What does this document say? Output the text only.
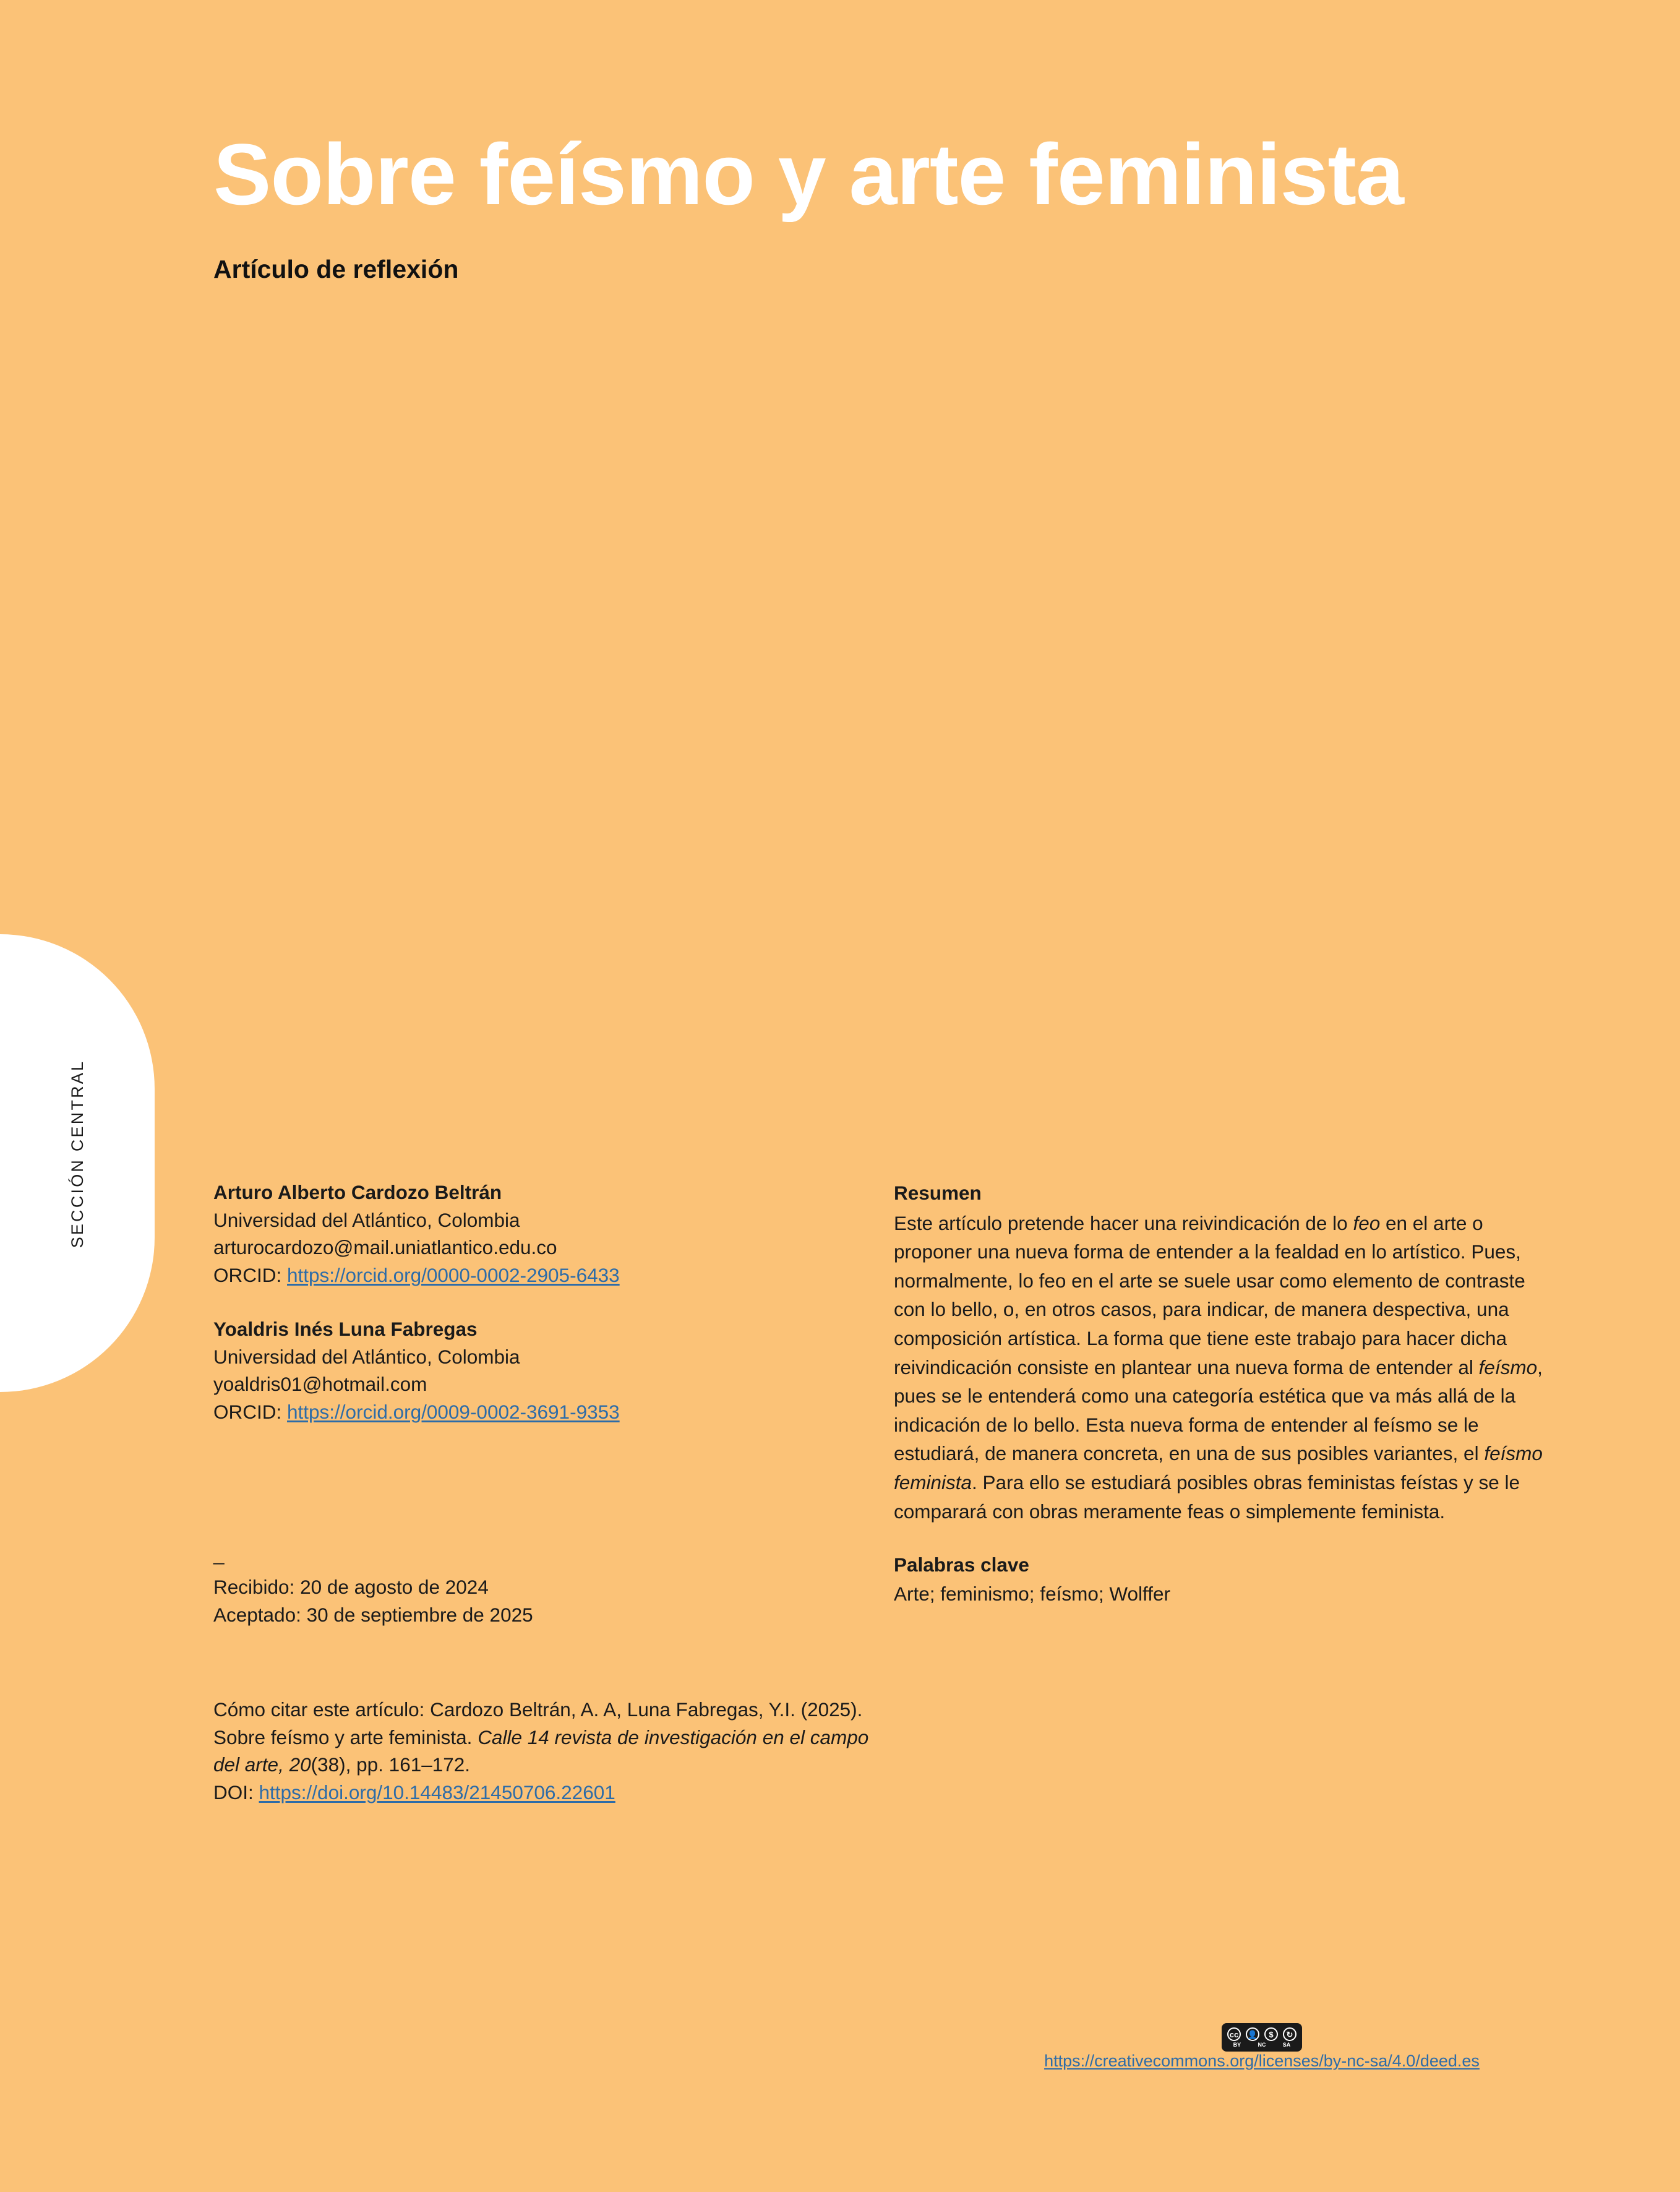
SECCIÓN CENTRAL
Sobre feísmo y arte feminista
Artículo de reflexión
Arturo Alberto Cardozo Beltrán
Universidad del Atlántico, Colombia
arturocardozo@mail.uniatlantico.edu.co
ORCID: https://orcid.org/0000-0002-2905-6433
Yoaldris Inés Luna Fabregas
Universidad del Atlántico, Colombia
yoaldris01@hotmail.com
ORCID: https://orcid.org/0009-0002-3691-9353
_
Recibido: 20 de agosto de 2024
Aceptado: 30 de septiembre de 2025
Cómo citar este artículo: Cardozo Beltrán, A. A, Luna Fabregas, Y.I. (2025). Sobre feísmo y arte feminista. Calle 14 revista de investigación en el campo del arte, 20(38), pp. 161–172.
DOI: https://doi.org/10.14483/21450706.22601
Resumen

Este artículo pretende hacer una reivindicación de lo feo en el arte o proponer una nueva forma de entender a la fealdad en lo artístico. Pues, normalmente, lo feo en el arte se suele usar como elemento de contraste con lo bello, o, en otros casos, para indicar, de manera despectiva, una composición artística. La forma que tiene este trabajo para hacer dicha reivindicación consiste en plantear una nueva forma de entender al feísmo, pues se le entenderá como una categoría estética que va más allá de la indicación de lo bello. Esta nueva forma de entender al feísmo se le estudiará, de manera concreta, en una de sus posibles variantes, el feísmo feminista. Para ello se estudiará posibles obras feministas feístas y se le comparará con obras meramente feas o simplemente feminista.

Palabras clave
Arte; feminismo; feísmo; Wolffer
cc 👤	$	↻
BY	NC	SA
https://creativecommons.org/licenses/by-nc-sa/4.0/deed.es
